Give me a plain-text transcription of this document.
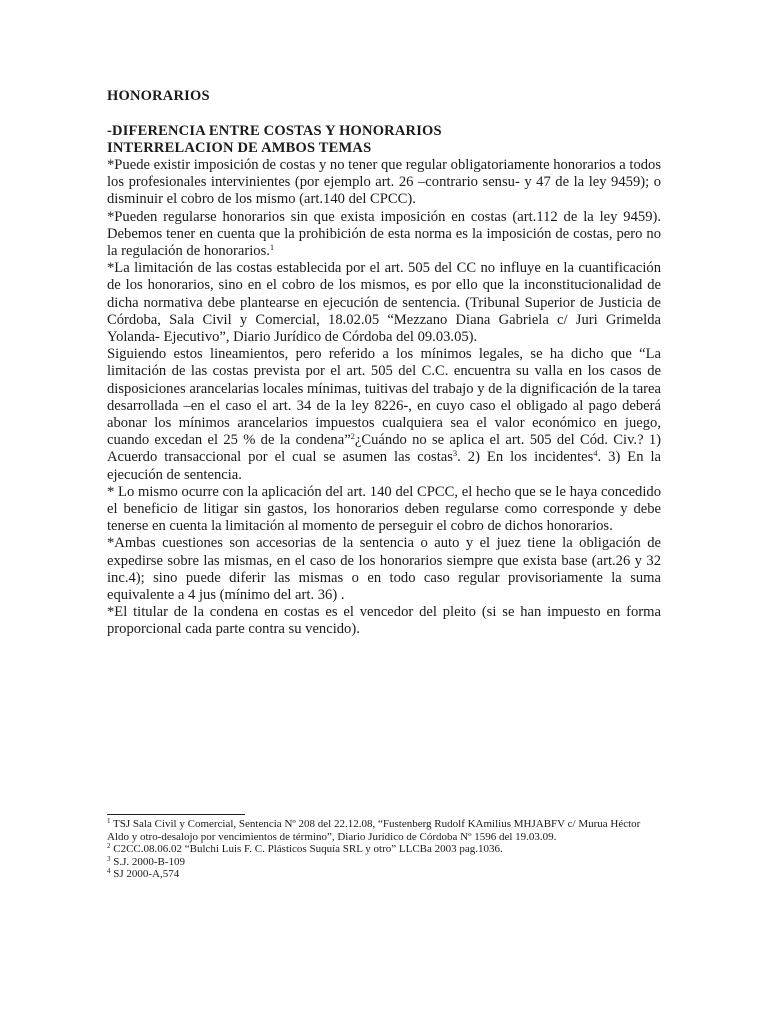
HONORARIOS
-DIFERENCIA ENTRE COSTAS Y HONORARIOS
INTERRELACION DE AMBOS TEMAS

*Puede existir imposición de costas y no tener que regular obligatoriamente honorarios a todos los profesionales intervinientes (por ejemplo art. 26 –contrario sensu- y 47 de la ley 9459); o disminuir el cobro de los mismo (art.140 del CPCC).

*Pueden regularse honorarios sin que exista imposición en costas (art.112 de la ley 9459). Debemos tener en cuenta que la prohibición de esta norma es la imposición de costas, pero no la regulación de honorarios.$^1$

*La limitación de las costas establecida por el art. 505 del CC no influye en la cuantificación de los honorarios, sino en el cobro de los mismos, es por ello que la inconstitucionalidad de dicha normativa debe plantearse en ejecución de sentencia. (Tribunal Superior de Justicia de Córdoba, Sala Civil y Comercial, 18.02.05 “Mezzano Diana Gabriela c/ Juri Grimelda Yolanda- Ejecutivo”, Diario Jurídico de Córdoba del 09.03.05).

Siguiendo estos lineamientos, pero referido a los mínimos legales, se ha dicho que “La limitación de las costas prevista por el art. 505 del C.C. encuentra su valla en los casos de disposiciones arancelarias locales mínimas, tuitivas del trabajo y de la dignificación de la tarea desarrollada –en el caso el art. 34 de la ley 8226-, en cuyo caso el obligado al pago deberá abonar los mínimos arancelarios impuestos cualquiera sea el valor económico en juego, cuando excedan el 25 % de la condena”$^2$¿Cuándo no se aplica el art. 505 del Cód. Civ.? 1) Acuerdo transaccional por el cual se asumen las costas$^3$. 2) En los incidentes$^4$. 3) En la ejecución de sentencia.

* Lo mismo ocurre con la aplicación del art. 140 del CPCC, el hecho que se le haya concedido el beneficio de litigar sin gastos, los honorarios deben regularse como corresponde y debe tenerse en cuenta la limitación al momento de perseguir el cobro de dichos honorarios.

*Ambas cuestiones son accesorias de la sentencia o auto y el juez tiene la obligación de expedirse sobre las mismas, en el caso de los honorarios siempre que exista base (art.26 y 32 inc.4); sino puede diferir las mismas o en todo caso regular provisoriamente la suma equivalente a 4 jus (mínimo del art. 36) .

*El titular de la condena en costas es el vencedor del pleito (si se han impuesto en forma proporcional cada parte contra su vencido).

$^1$ TSJ Sala Civil y Comercial, Sentencia Nº 208 del 22.12.08, “Fustenberg Rudolf KAmilius MHJABFV c/ Murua Héctor Aldo y otro-desalojo por vencimientos de término”, Diario Jurídico de Córdoba Nº 1596 del 19.03.09.

$^2$ C2CC.08.06.02 “Bulchi Luis F. C. Plásticos Suquía SRL y otro” LLCBa 2003 pag.1036.

$^3$ S.J. 2000-B-109

$^4$ SJ 2000-A,574
